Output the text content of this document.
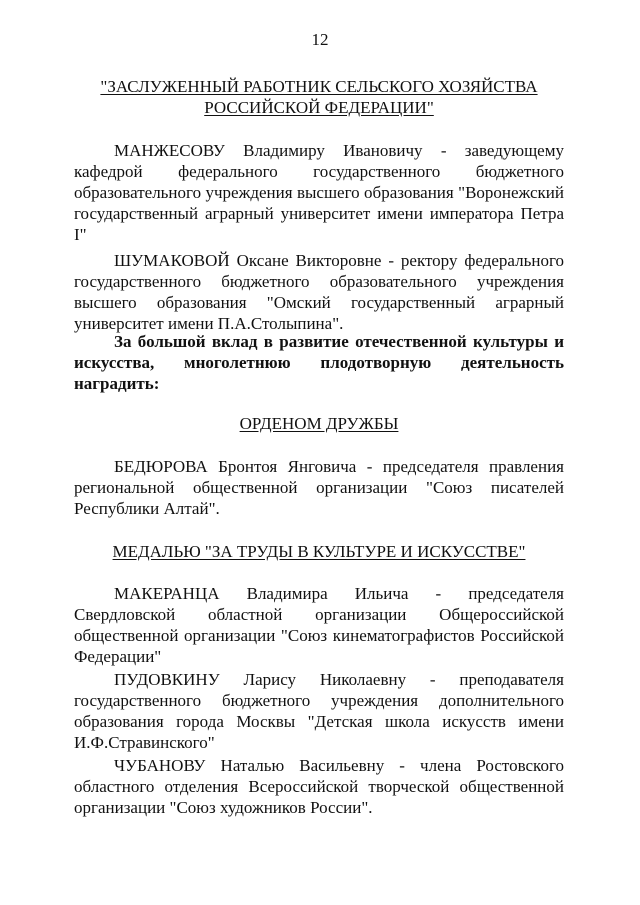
12
"ЗАСЛУЖЕННЫЙ РАБОТНИК СЕЛЬСКОГО ХОЗЯЙСТВА
РОССИЙСКОЙ ФЕДЕРАЦИИ"

МАНЖЕСОВУ Владимиру Ивановичу - заведующему кафедрой федерального государственного бюджетного образовательного учреждения высшего образования "Воронежский государственный аграрный университет имени императора Петра I"

ШУМАКОВОЙ Оксане Викторовне - ректору федерального государственного бюджетного образовательного учреждения высшего образования "Омский государственный аграрный университет имени П.А.Столыпина".

За большой вклад в развитие отечественной культуры и искусства, многолетнюю плодотворную деятельность наградить:

ОРДЕНОМ ДРУЖБЫ

БЕДЮРОВА Бронтоя Янговича - председателя правления региональной общественной организации "Союз писателей Республики Алтай".

МЕДАЛЬЮ "ЗА ТРУДЫ В КУЛЬТУРЕ И ИСКУССТВЕ"

МАКЕРАНЦА Владимира Ильича - председателя Свердловской областной организации Общероссийской общественной организации "Союз кинематографистов Российской Федерации"

ПУДОВКИНУ Ларису Николаевну - преподавателя государственного бюджетного учреждения дополнительного образования города Москвы "Детская школа искусств имени И.Ф.Стравинского"

ЧУБАНОВУ Наталью Васильевну - члена Ростовского областного отделения Всероссийской творческой общественной организации "Союз художников России".
